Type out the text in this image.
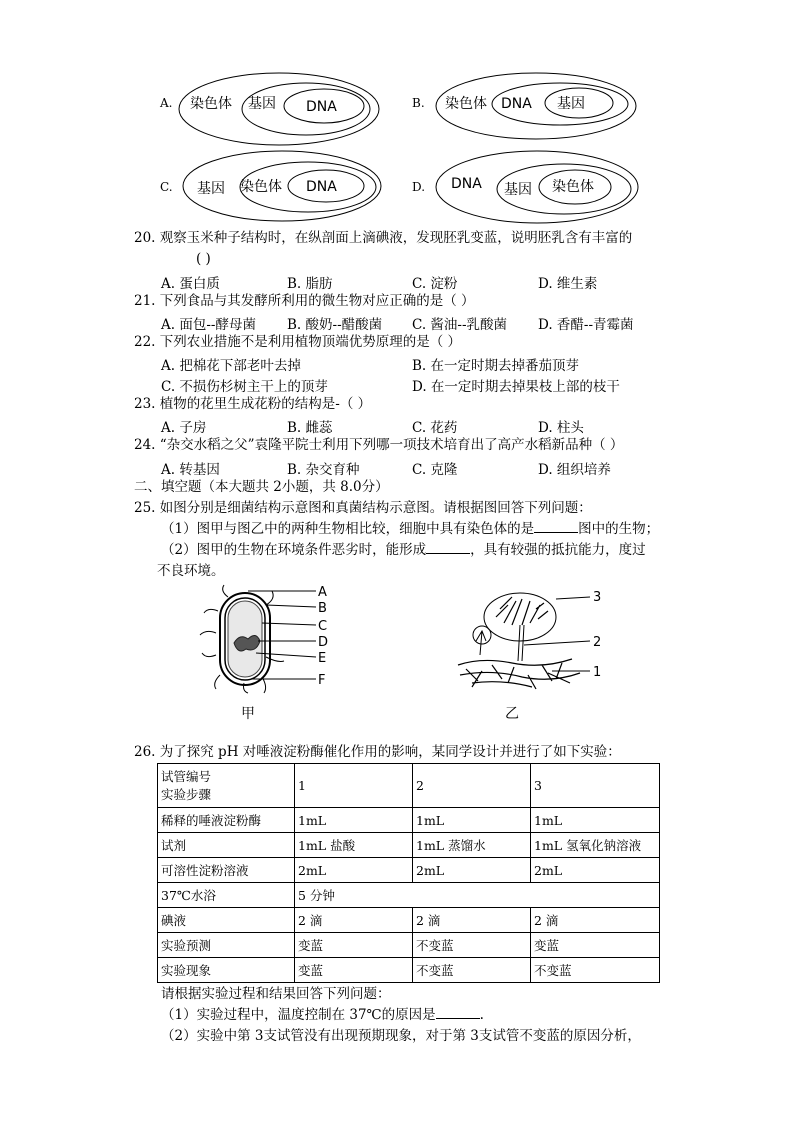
A. 染色体 基因 DNA	B. 染色体 DNA 基因
C. 基因 染色体 DNA	D. DNA 基因 染色体
20. 观察玉米种子结构时，在纵剖面上滴碘液，发现胚乳变蓝，说明胚乳含有丰富的
( )
A. 蛋白质	B. 脂肪	C. 淀粉	D. 维生素
21. 下列食品与其发酵所利用的微生物对应正确的是（ ）
A. 面包--酵母菌 B. 酸奶--醋酸菌 C. 酱油--乳酸菌 D. 香醋--青霉菌
22. 下列农业措施不是利用植物顶端优势原理的是（ ）
A. 把棉花下部老叶去掉	B. 在一定时期去掉番茄顶芽
C. 不损伤杉树主干上的顶芽	D. 在一定时期去掉果枝上部的枝干
23. 植物的花里生成花粉的结构是-（ ）
A. 子房	B. 雌蕊	C. 花药	D. 柱头
24. “杂交水稻之父”袁隆平院士利用下列哪一项技术培育出了高产水稻新品种（ ）
A. 转基因	B. 杂交育种	C. 克隆	D. 组织培养
二、填空题（本大题共 2小题，共 8.0分）
25. 如图分别是细菌结构示意图和真菌结构示意图。请根据图回答下列问题：
（1）图甲与图乙中的两种生物相比较，细胞中具有染色体的是	图中的生物；
（2）图甲的生物在环境条件恶劣时，能形成	，具有较强的抵抗能力，度过
不良环境。
A
B
C
D
E
F
甲
3
2
1
乙
26. 为了探究 pH 对唾液淀粉酶催化作用的影响，某同学设计并进行了如下实验：
试管编号
实验步骤	1	2	3
稀释的唾液淀粉酶	1mL	1mL	1mL
试剂	1mL 盐酸	1mL 蒸馏水	1mL 氢氧化钠溶液
可溶性淀粉溶液	2mL	2mL	2mL
37℃水浴	5 分钟		
碘液	2 滴	2 滴	2 滴
实验预测	变蓝	不变蓝	变蓝
实验现象	变蓝	不变蓝	不变蓝
请根据实验过程和结果回答下列问题：
（1）实验过程中，温度控制在 37℃的原因是	.
（2）实验中第 3支试管没有出现预期现象，对于第 3支试管不变蓝的原因分析，
